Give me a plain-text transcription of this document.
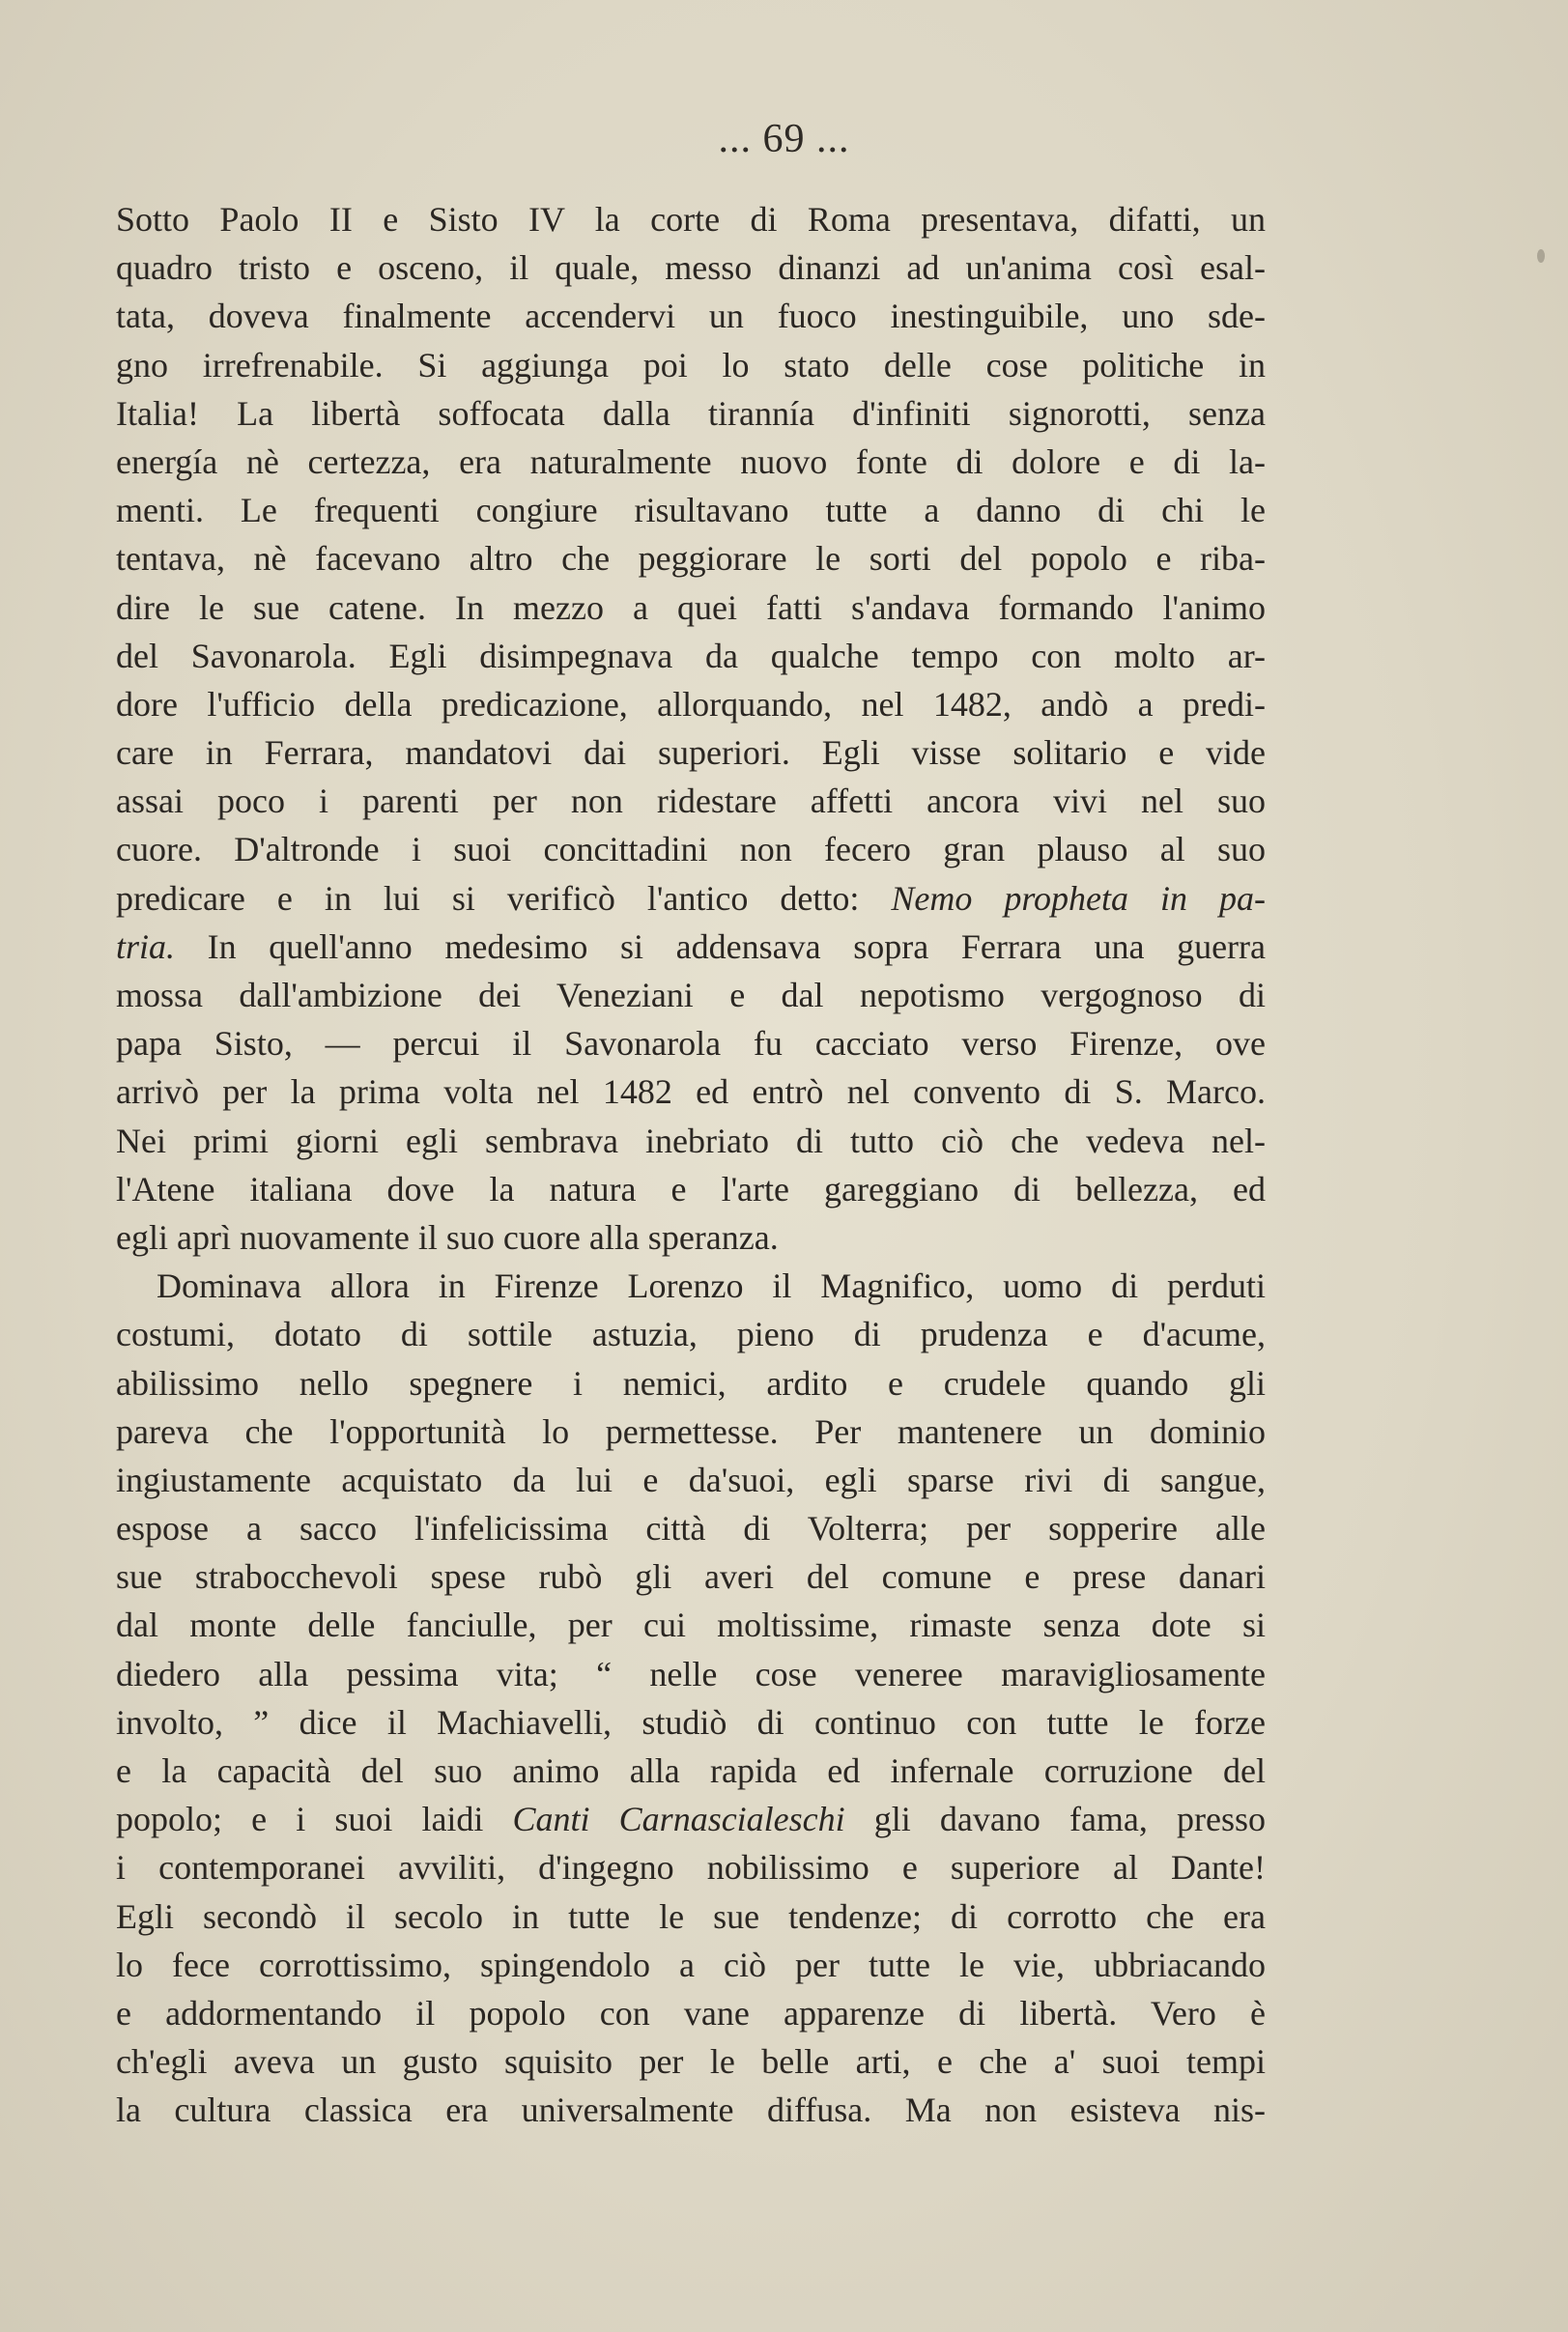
... 69 ...
Sotto Paolo II e Sisto IV la corte di Roma presentava, difatti, un
quadro tristo e osceno, il quale, messo dinanzi ad un'anima così esal-
tata, doveva finalmente accendervi un fuoco inestinguibile, uno sde-
gno irrefrenabile. Si aggiunga poi lo stato delle cose politiche in
Italia! La libertà soffocata dalla tirannía d'infiniti signorotti, senza
energía nè certezza, era naturalmente nuovo fonte di dolore e di la-
menti. Le frequenti congiure risultavano tutte a danno di chi le
tentava, nè facevano altro che peggiorare le sorti del popolo e riba-
dire le sue catene. In mezzo a quei fatti s'andava formando l'animo
del Savonarola. Egli disimpegnava da qualche tempo con molto ar-
dore l'ufficio della predicazione, allorquando, nel 1482, andò a predi-
care in Ferrara, mandatovi dai superiori. Egli visse solitario e vide
assai poco i parenti per non ridestare affetti ancora vivi nel suo
cuore. D'altronde i suoi concittadini non fecero gran plauso al suo
predicare e in lui si verificò l'antico detto: Nemo propheta in pa-
tria. In quell'anno medesimo si addensava sopra Ferrara una guerra
mossa dall'ambizione dei Veneziani e dal nepotismo vergognoso di
papa Sisto, — percui il Savonarola fu cacciato verso Firenze, ove
arrivò per la prima volta nel 1482 ed entrò nel convento di S. Marco.
Nei primi giorni egli sembrava inebriato di tutto ciò che vedeva nel-
l'Atene italiana dove la natura e l'arte gareggiano di bellezza, ed
egli aprì nuovamente il suo cuore alla speranza.
Dominava allora in Firenze Lorenzo il Magnifico, uomo di perduti
costumi, dotato di sottile astuzia, pieno di prudenza e d'acume,
abilissimo nello spegnere i nemici, ardito e crudele quando gli
pareva che l'opportunità lo permettesse. Per mantenere un dominio
ingiustamente acquistato da lui e da'suoi, egli sparse rivi di sangue,
espose a sacco l'infelicissima città di Volterra; per sopperire alle
sue strabocchevoli spese rubò gli averi del comune e prese danari
dal monte delle fanciulle, per cui moltissime, rimaste senza dote si
diedero alla pessima vita; “ nelle cose veneree maravigliosamente
involto, ” dice il Machiavelli, studiò di continuo con tutte le forze
e la capacità del suo animo alla rapida ed infernale corruzione del
popolo; e i suoi laidi Canti Carnascialeschi gli davano fama, presso
i contemporanei avviliti, d'ingegno nobilissimo e superiore al Dante!
Egli secondò il secolo in tutte le sue tendenze; di corrotto che era
lo fece corrottissimo, spingendolo a ciò per tutte le vie, ubbriacando
e addormentando il popolo con vane apparenze di libertà. Vero è
ch'egli aveva un gusto squisito per le belle arti, e che a' suoi tempi
la cultura classica era universalmente diffusa. Ma non esisteva nis-
